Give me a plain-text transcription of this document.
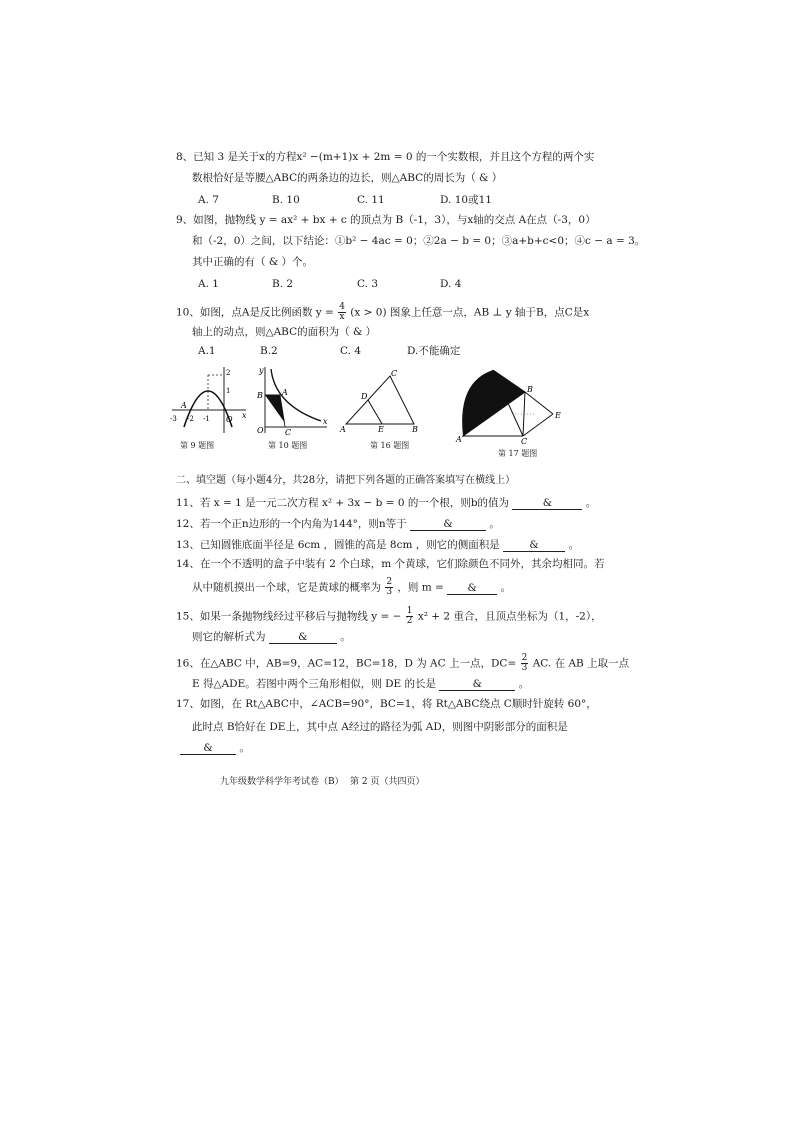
8、已知 3 是关于x的方程x² −(m+1)x + 2m = 0 的一个实数根，并且这个方程的两个实
数根恰好是等腰△ABC的两条边的边长，则△ABC的周长为（ & ）
A. 7	B. 10	C. 11	D. 10或11
9、如图，抛物线 y = ax² + bx + c 的顶点为 B（-1，3），与x轴的交点 A在点（-3，0）
和（-2，0）之间，以下结论：①b² − 4ac = 0；②2a − b = 0；③a+b+c<0；④c − a = 3。
其中正确的有（ & ）个。
A. 1	B. 2	C. 3	D. 4
10、如图，点A是反比例函数 $y = \frac{4}{x} (x > 0)$ 图象上任意一点，AB ⊥ y 轴于B，点C是x
轴上的动点，则△ABC的面积为（ & ）
A.1	B.2	C. 4	D.不能确定
A
-3 -2 -1 O x
2
1
第 9 题图
y
B A
O	C
x
第 10 题图
A	B
C
D
E
第 16 题图
D
B
E
A	C
第 17 题图
二、填空题（每小题4分，共28分，请把下列各题的正确答案填写在横线上）
11、若 x = 1 是一元二次方程 x² + 3x − b = 0 的一个根，则b的值为	&	。
12、若一个正n边形的一个内角为144°，则n等于	&	。
13、已知圆锥底面半径是 6cm ，圆锥的高是 8cm ，则它的侧面积是	&	。
14、在一个不透明的盒子中装有 2 个白球，m 个黄球，它们除颜色不同外，其余均相同。若
从中随机摸出一个球，它是黄球的概率为 $\frac{2}{3}$ ，则 m = & 。
15、如果一条抛物线经过平移后与抛物线 y = − $\frac{1}{2} x^2 + 2$ 重合，且顶点坐标为（1，-2），
则它的解析式为	&	。
16、在△ABC 中，AB=9，AC=12，BC=18，D 为 AC 上一点，$DC= \frac{2}{3}$ AC. 在 AB 上取一点
E 得△ADE。若图中两个三角形相似，则 DE 的长是	&	。
17、如图，在 Rt△ABC中，∠ACB=90°，BC=1，将 Rt△ABC绕点 C顺时针旋转 60°，
此时点 B恰好在 DE上，其中点 A经过的路径为弧 AD，则图中阴影部分的面积是
&	。
九年级数学科学年考试卷（B） 第 2 页（共四页）
